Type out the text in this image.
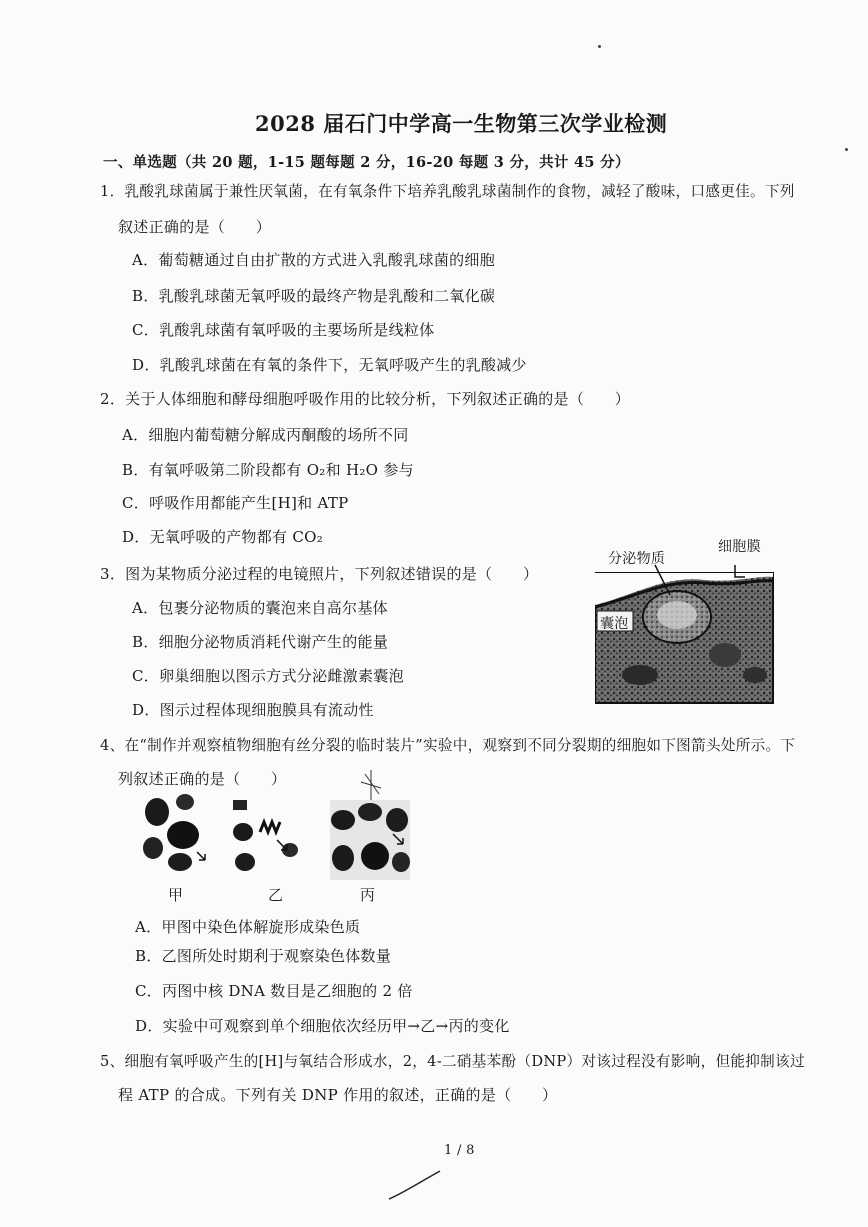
2028 届石门中学高一生物第三次学业检测
一、单选题（共 20 题，1-15 题每题 2 分，16-20 每题 3 分，共计 45 分）
1．乳酸乳球菌属于兼性厌氧菌，在有氧条件下培养乳酸乳球菌制作的食物，减轻了酸味，口感更佳。下列
叙述正确的是（　　）
A．葡萄糖通过自由扩散的方式进入乳酸乳球菌的细胞
B．乳酸乳球菌无氧呼吸的最终产物是乳酸和二氧化碳
C．乳酸乳球菌有氧呼吸的主要场所是线粒体
D．乳酸乳球菌在有氧的条件下，无氧呼吸产生的乳酸减少
2．关于人体细胞和酵母细胞呼吸作用的比较分析，下列叙述正确的是（　　）
A．细胞内葡萄糖分解成丙酮酸的场所不同
B．有氧呼吸第二阶段都有 O₂和 H₂O 参与
C．呼吸作用都能产生[H]和 ATP
D．无氧呼吸的产物都有 CO₂
3．图为某物质分泌过程的电镜照片，下列叙述错误的是（　　）
A．包裹分泌物质的囊泡来自高尔基体
B．细胞分泌物质消耗代谢产生的能量
C．卵巢细胞以图示方式分泌雌激素囊泡
D．图示过程体现细胞膜具有流动性
细胞膜
分泌物质
囊泡
4、在“制作并观察植物细胞有丝分裂的临时装片”实验中，观察到不同分裂期的细胞如下图箭头处所示。下
列叙述正确的是（　　）
甲	乙	丙
A．甲图中染色体解旋形成染色质
B．乙图所处时期利于观察染色体数量
C．丙图中核 DNA 数目是乙细胞的 2 倍
D．实验中可观察到单个细胞依次经历甲→乙→丙的变化
5、细胞有氧呼吸产生的[H]与氧结合形成水，2，4-二硝基苯酚（DNP）对该过程没有影响，但能抑制该过
程 ATP 的合成。下列有关 DNP 作用的叙述，正确的是（　　）
1 / 8
